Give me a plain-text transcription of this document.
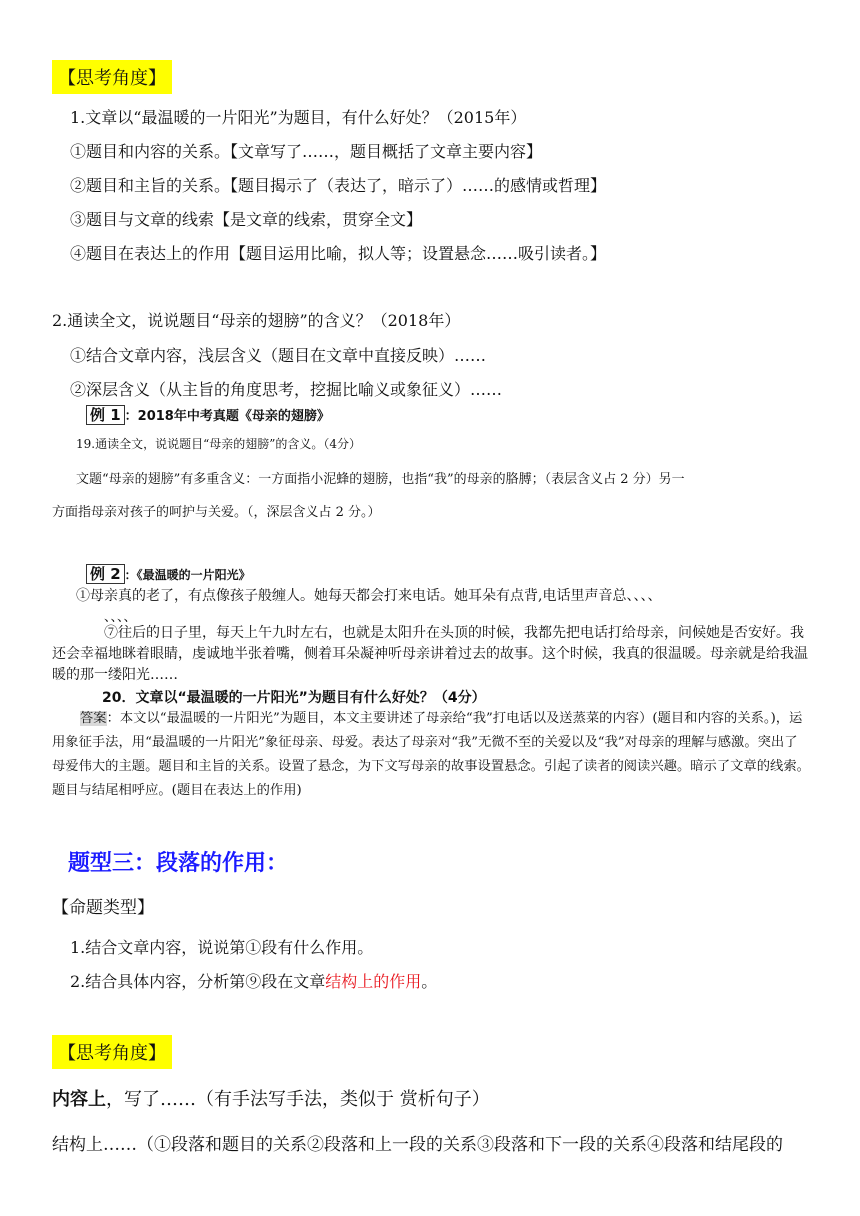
【思考角度】
1.文章以“最温暖的一片阳光”为题目，有什么好处？（2015年）
①题目和内容的关系。【文章写了……，题目概括了文章主要内容】
②题目和主旨的关系。【题目揭示了（表达了，暗示了）……的感情或哲理】
③题目与文章的线索【是文章的线索，贯穿全文】
④题目在表达上的作用【题目运用比喻，拟人等；设置悬念……吸引读者。】
2.通读全文，说说题目“母亲的翅膀”的含义？（2018年）
①结合文章内容，浅层含义（题目在文章中直接反映）……
②深层含义（从主旨的角度思考，挖掘比喻义或象征义）……
例 1 ：2018年中考真题《母亲的翅膀》
19.通读全文，说说题目“母亲的翅膀”的含义。（4分）
文题“母亲的翅膀”有多重含义：一方面指小泥蜂的翅膀，也指“我”的母亲的胳膊；（表层含义占 2 分）另一
方面指母亲对孩子的呵护与关爱。（，深层含义占 2 分。）
例 2 ：《最温暖的一片阳光》
①母亲真的老了，有点像孩子般缠人。她每天都会打来电话。她耳朵有点背,电话里声音总、、、、
、、、、
⑦往后的日子里，每天上午九时左右，也就是太阳升在头顶的时候，我都先把电话打给母亲，问候她是否安好。我还会幸福地眯着眼睛，虔诚地半张着嘴，侧着耳朵凝神听母亲讲着过去的故事。这个时候，我真的很温暖。母亲就是给我温暖的那一缕阳光……
20．文章以“最温暖的一片阳光”为题目有什么好处？（4分）
答案：本文以“最温暖的一片阳光”为题目，本文主要讲述了母亲给“我”打电话以及送蒸菜的内容）(题目和内容的关系。)，运用象征手法，用“最温暖的一片阳光”象征母亲、母爱。表达了母亲对“我”无微不至的关爱以及“我”对母亲的理解与感激。突出了母爱伟大的主题。题目和主旨的关系。设置了悬念，为下文写母亲的故事设置悬念。引起了读者的阅读兴趣。暗示了文章的线索。题目与结尾相呼应。(题目在表达上的作用)
题型三：段落的作用：
【命题类型】
1.结合文章内容，说说第①段有什么作用。
2.结合具体内容，分析第⑨段在文章结构上的作用。
【思考角度】
内容上，写了……（有手法写手法，类似于 赏析句子）
结构上……（①段落和题目的关系②段落和上一段的关系③段落和下一段的关系④段落和结尾段的
